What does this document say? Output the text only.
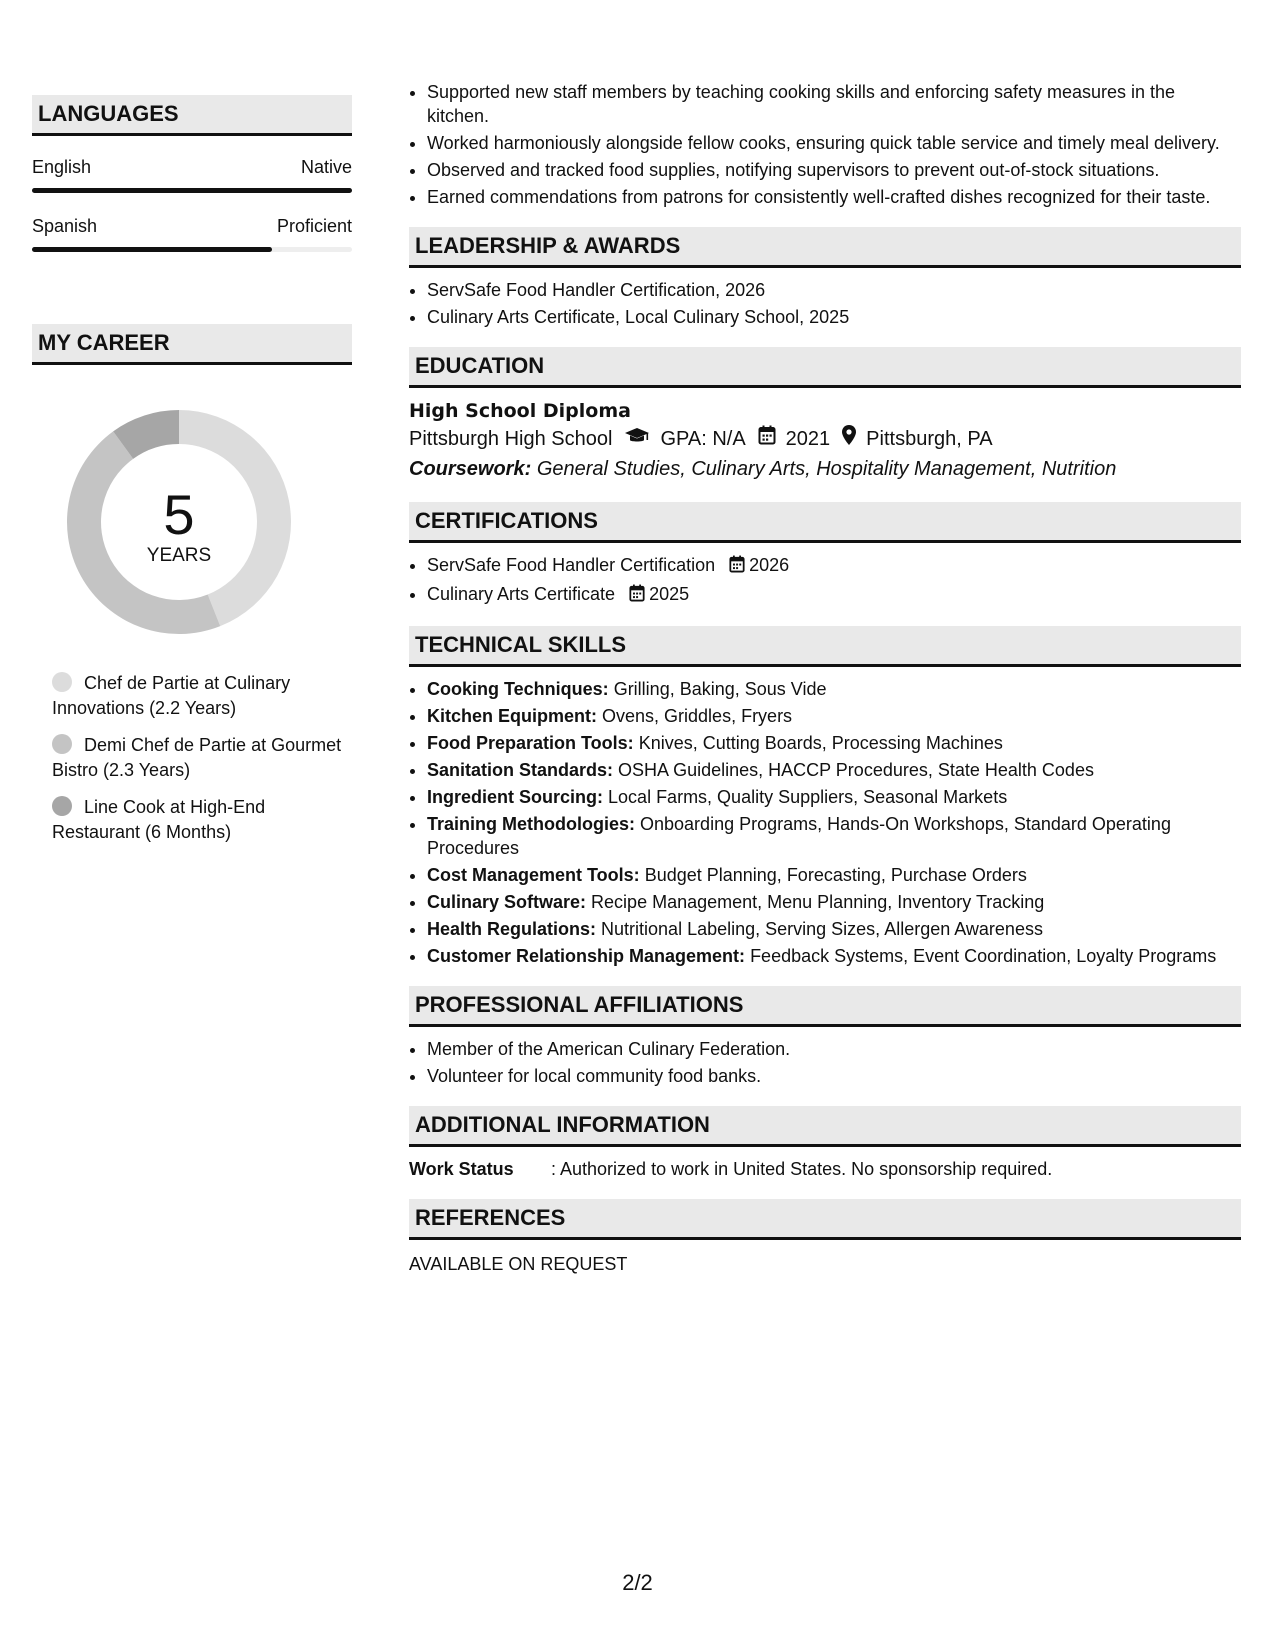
LANGUAGES
English	Native
Spanish	Proficient
MY CAREER
5
YEARS
Chef de Partie at Culinary Innovations (2.2 Years)
Demi Chef de Partie at Gourmet Bistro (2.3 Years)
Line Cook at High-End Restaurant (6 Months)
• Supported new staff members by teaching cooking skills and enforcing safety measures in the kitchen.
• Worked harmoniously alongside fellow cooks, ensuring quick table service and timely meal delivery.
• Observed and tracked food supplies, notifying supervisors to prevent out-of-stock situations.
• Earned commendations from patrons for consistently well-crafted dishes recognized for their taste.
LEADERSHIP & AWARDS
• ServSafe Food Handler Certification, 2026
• Culinary Arts Certificate, Local Culinary School, 2025
EDUCATION
High School Diploma
Pittsburgh High School GPA: N/A 2021 Pittsburgh, PA
Coursework: General Studies, Culinary Arts, Hospitality Management, Nutrition
CERTIFICATIONS
• ServSafe Food Handler Certification 2026
• Culinary Arts Certificate 2025
TECHNICAL SKILLS
• Cooking Techniques: Grilling, Baking, Sous Vide
• Kitchen Equipment: Ovens, Griddles, Fryers
• Food Preparation Tools: Knives, Cutting Boards, Processing Machines
• Sanitation Standards: OSHA Guidelines, HACCP Procedures, State Health Codes
• Ingredient Sourcing: Local Farms, Quality Suppliers, Seasonal Markets
• Training Methodologies: Onboarding Programs, Hands-On Workshops, Standard Operating Procedures
• Cost Management Tools: Budget Planning, Forecasting, Purchase Orders
• Culinary Software: Recipe Management, Menu Planning, Inventory Tracking
• Health Regulations: Nutritional Labeling, Serving Sizes, Allergen Awareness
• Customer Relationship Management: Feedback Systems, Event Coordination, Loyalty Programs
PROFESSIONAL AFFILIATIONS
• Member of the American Culinary Federation.
• Volunteer for local community food banks.
ADDITIONAL INFORMATION
Work Status	: Authorized to work in United States. No sponsorship required.
REFERENCES
AVAILABLE ON REQUEST
2/2
